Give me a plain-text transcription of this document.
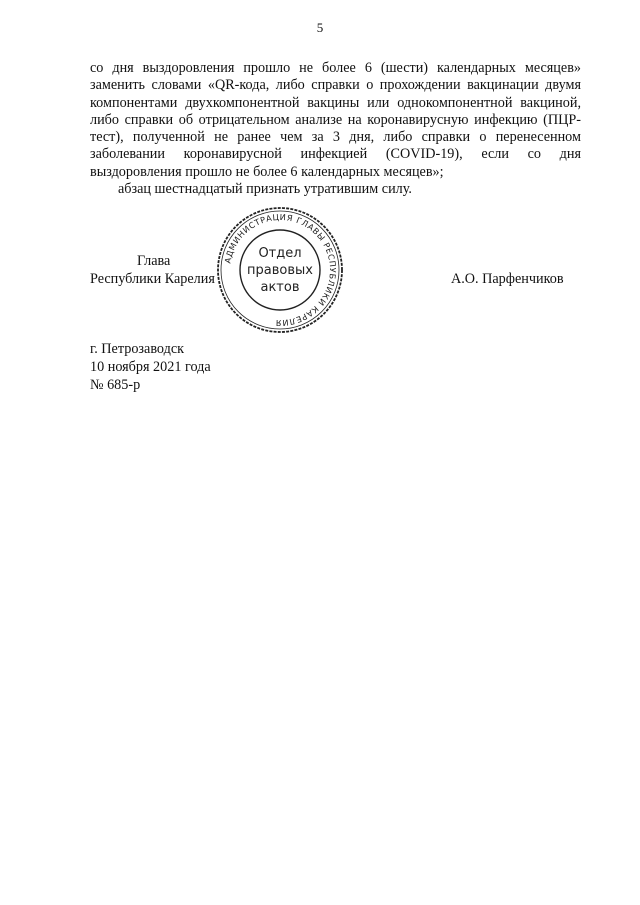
5

со дня выздоровления прошло не более 6 (шести) календарных месяцев» заменить словами «QR-кода, либо справки о прохождении вакцинации двумя компонентами двухкомпонентной вакцины или однокомпонентной вакциной, либо справки об отрицательном анализе на коронавирусную инфекцию (ПЦР-тест), полученной не ранее чем за 3 дня, либо справки о перенесенном заболевании коронавирусной инфекцией (COVID-19), если со дня выздоровления прошло не более 6 календарных месяцев»;

абзац шестнадцатый признать утратившим силу.

Глава
Республики Карелия
АДМИНИСТРАЦИЯ ГЛАВЫ РЕСПУБЛИКИ КАРЕЛИЯ
Отдел
правовых
актов
А.О. Парфенчиков
г. Петрозаводск
10 ноября 2021 года
№ 685-р
